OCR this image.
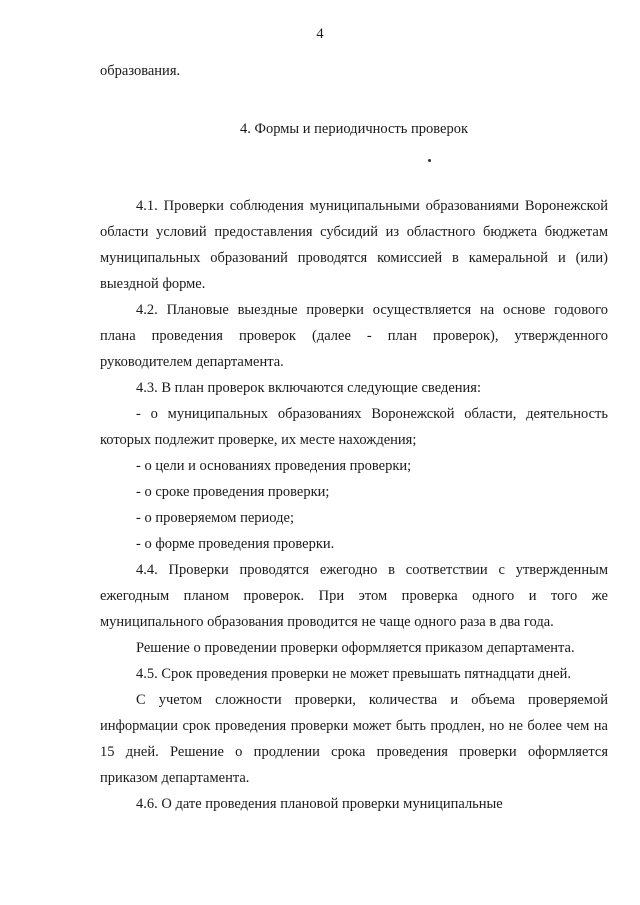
4

образования.

4. Формы и периодичность проверок

4.1. Проверки соблюдения муниципальными образованиями Воронежской области условий предоставления субсидий из областного бюджета бюджетам муниципальных образований проводятся комиссией в камеральной и (или) выездной форме.

4.2. Плановые выездные проверки осуществляется на основе годового плана проведения проверок (далее - план проверок), утвержденного руководителем департамента.

4.3. В план проверок включаются следующие сведения:

- о муниципальных образованиях Воронежской области, деятельность которых подлежит проверке, их месте нахождения;

- о цели и основаниях проведения проверки;

- о сроке проведения проверки;

- о проверяемом периоде;

- о форме проведения проверки.

4.4. Проверки проводятся ежегодно в соответствии с утвержденным ежегодным планом проверок. При этом проверка одного и того же муниципального образования проводится не чаще одного раза в два года.

Решение о проведении проверки оформляется приказом департамента.

4.5. Срок проведения проверки не может превышать пятнадцати дней.

С учетом сложности проверки, количества и объема проверяемой информации срок проведения проверки может быть продлен, но не более чем на 15 дней. Решение о продлении срока проведения проверки оформляется приказом департамента.

4.6. О дате проведения плановой проверки муниципальные
